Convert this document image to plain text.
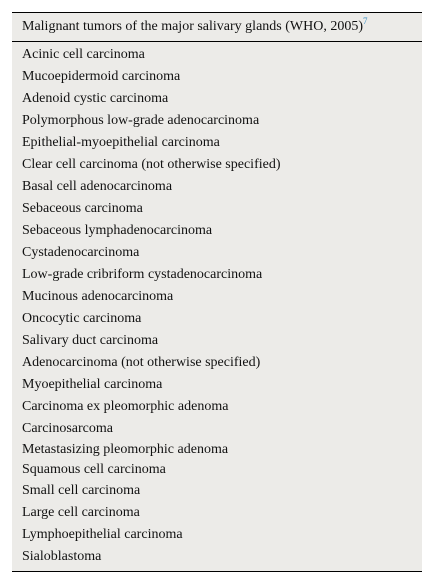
Malignant tumors of the major salivary glands (WHO, 2005)$^7$
Acinic cell carcinoma
Mucoepidermoid carcinoma
Adenoid cystic carcinoma
Polymorphous low-grade adenocarcinoma
Epithelial-myoepithelial carcinoma
Clear cell carcinoma (not otherwise specified)
Basal cell adenocarcinoma
Sebaceous carcinoma
Sebaceous lymphadenocarcinoma
Cystadenocarcinoma
Low-grade cribriform cystadenocarcinoma
Mucinous adenocarcinoma
Oncocytic carcinoma
Salivary duct carcinoma
Adenocarcinoma (not otherwise specified)
Myoepithelial carcinoma
Carcinoma ex pleomorphic adenoma
Carcinosarcoma
Metastasizing pleomorphic adenoma
Squamous cell carcinoma
Small cell carcinoma
Large cell carcinoma
Lymphoepithelial carcinoma
Sialoblastoma
